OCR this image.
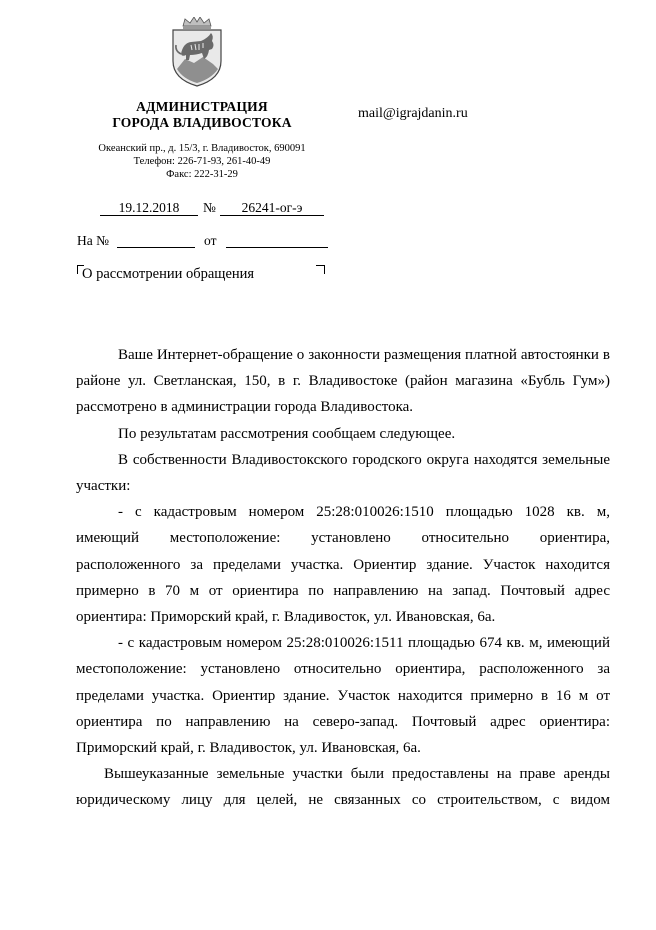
АДМИНИСТРАЦИЯ
ГОРОДА ВЛАДИВОСТОКА
Океанский пр., д. 15/3, г. Владивосток, 690091
Телефон: 226-71-93, 261-40-49
Факс: 222-31-29
mail@igrajdanin.ru
19.12.2018	№	26241-ог-э
На №	от
О рассмотрении обращения

Ваше Интернет-обращение о законности размещения платной автостоянки в районе ул. Светланская, 150, в г. Владивостоке (район магазина «Бубль Гум») рассмотрено в администрации города Владивостока.

По результатам рассмотрения сообщаем следующее.

В собственности Владивостокского городского округа находятся земельные участки:

- с кадастровым номером 25:28:010026:1510 площадью 1028 кв. м, имеющий местоположение: установлено относительно ориентира, расположенного за пределами участка. Ориентир здание. Участок находится примерно в 70 м от ориентира по направлению на запад. Почтовый адрес ориентира: Приморский край, г. Владивосток, ул. Ивановская, 6а.

- с кадастровым номером 25:28:010026:1511 площадью 674 кв. м, имеющий местоположение: установлено относительно ориентира, расположенного за пределами участка. Ориентир здание. Участок находится примерно в 16 м от ориентира по направлению на северо-запад. Почтовый адрес ориентира: Приморский край, г. Владивосток, ул. Ивановская, 6а.

Вышеуказанные земельные участки были предоставлены на праве аренды юридическому лицу для целей, не связанных со строительством, с видом
